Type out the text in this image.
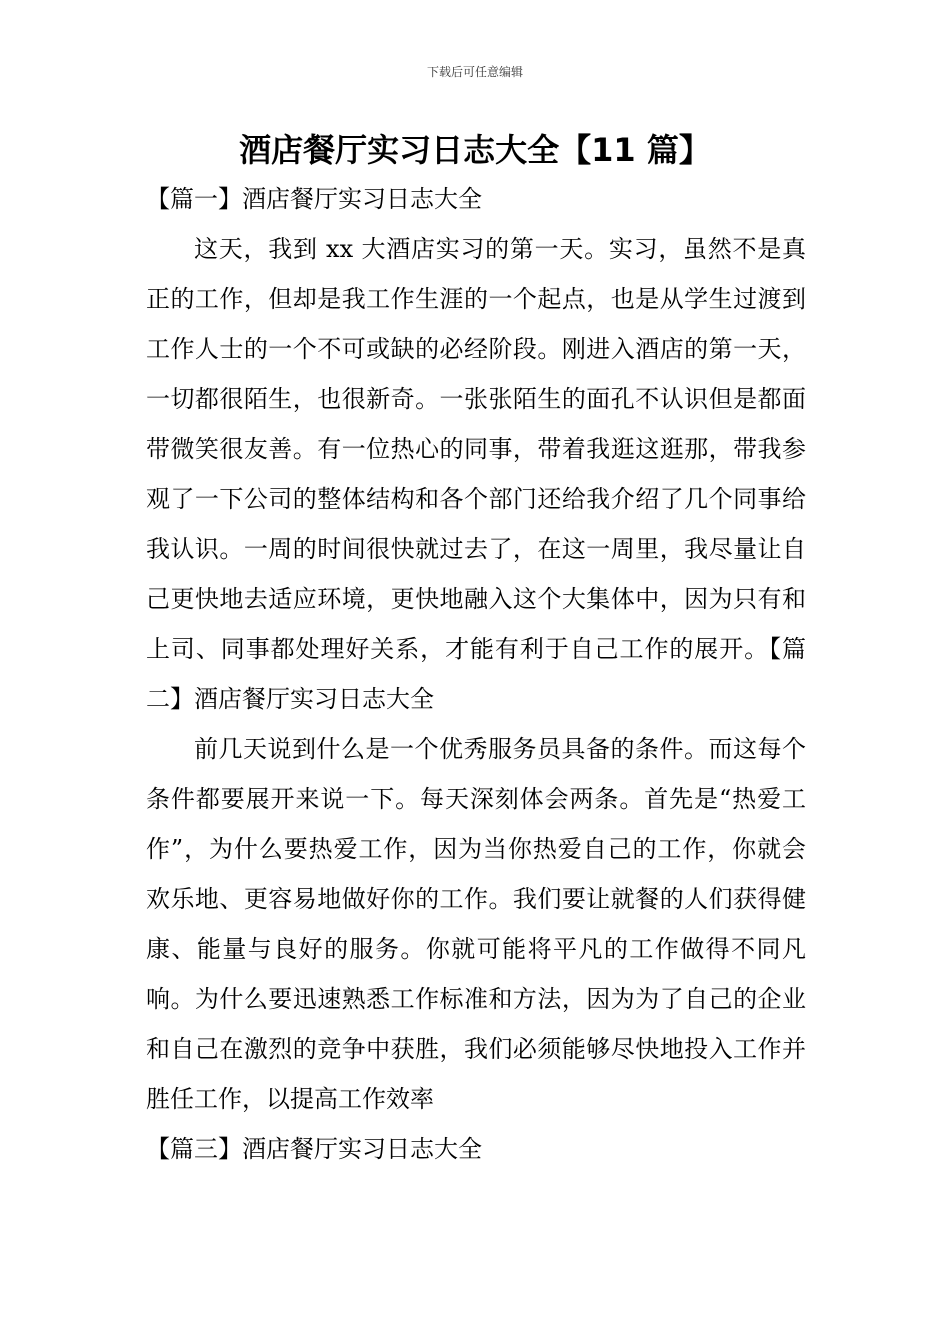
下载后可任意编辑
酒店餐厅实习日志大全【11 篇】

【篇一】酒店餐厅实习日志大全

这天，我到 xx 大酒店实习的第一天。实习，虽然不是真正的工作，但却是我工作生涯的一个起点，也是从学生过渡到工作人士的一个不可或缺的必经阶段。刚进入酒店的第一天，一切都很陌生，也很新奇。一张张陌生的面孔不认识但是都面带微笑很友善。有一位热心的同事，带着我逛这逛那，带我参观了一下公司的整体结构和各个部门还给我介绍了几个同事给我认识。一周的时间很快就过去了，在这一周里，我尽量让自己更快地去适应环境，更快地融入这个大集体中，因为只有和上司、同事都处理好关系，才能有利于自己工作的展开。【篇二】酒店餐厅实习日志大全

前几天说到什么是一个优秀服务员具备的条件。而这每个条件都要展开来说一下。每天深刻体会两条。首先是“热爱工作”，为什么要热爱工作，因为当你热爱自己的工作，你就会欢乐地、更容易地做好你的工作。我们要让就餐的人们获得健康、能量与良好的服务。你就可能将平凡的工作做得不同凡响。为什么要迅速熟悉工作标准和方法，因为为了自己的企业和自己在激烈的竞争中获胜，我们必须能够尽快地投入工作并胜任工作，以提高工作效率

【篇三】酒店餐厅实习日志大全
